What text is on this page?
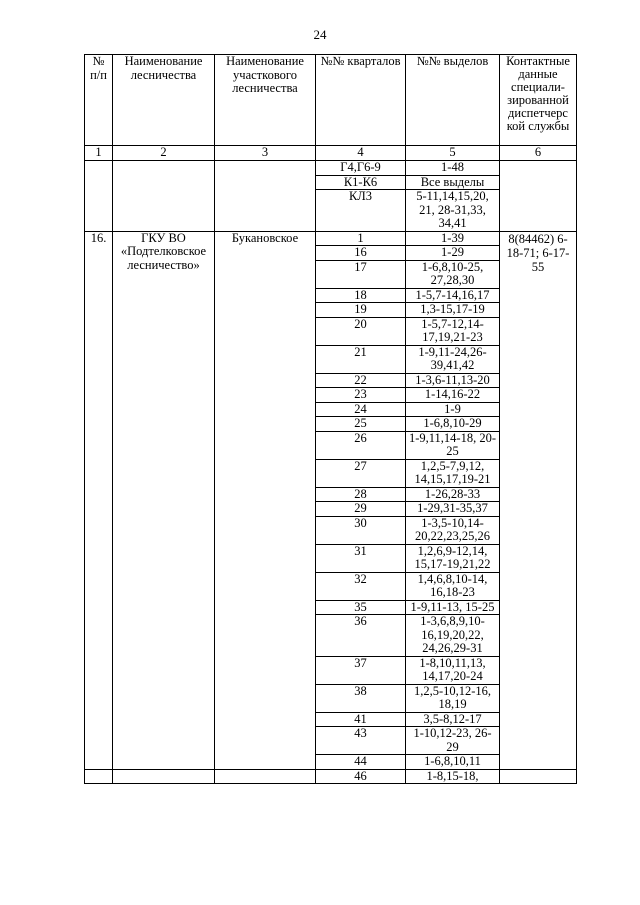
24
№ п/п	Наименование лесничества	Наименование участкового лесничества	№№ кварталов	№№ выделов	Контактные данные специали-зированной диспетчерс кой службы
1	2	3	4	5	6
			Г4,Г6-9	1-48	
			К1-К6	Все выделы	
			КЛ3	5-11,14,15,20, 21, 28-31,33, 34,41	
16.	ГКУ ВО «Подтелковское лесничество»	Букановское	1	1-39	8(84462) 6-18-71; 6-17-55
			16	1-29	
			17	1-6,8,10-25, 27,28,30	
			18	1-5,7-14,16,17	
			19	1,3-15,17-19	
			20	1-5,7-12,14- 17,19,21-23	
			21	1-9,11-24,26- 39,41,42	
			22	1-3,6-11,13-20	
			23	1-14,16-22	
			24	1-9	
			25	1-6,8,10-29	
			26	1-9,11,14-18, 20-25	
			27	1,2,5-7,9,12, 14,15,17,19-21	
			28	1-26,28-33	
			29	1-29,31-35,37	
			30	1-3,5-10,14- 20,22,23,25,26	
			31	1,2,6,9-12,14, 15,17-19,21,22	
			32	1,4,6,8,10-14, 16,18-23	
			35	1-9,11-13, 15-25	
			36	1-3,6,8,9,10- 16,19,20,22, 24,26,29-31	
			37	1-8,10,11,13, 14,17,20-24	
			38	1,2,5-10,12-16, 18,19	
			41	3,5-8,12-17	
			43	1-10,12-23, 26- 29	
			44	1-6,8,10,11	
			46	1-8,15-18,	
